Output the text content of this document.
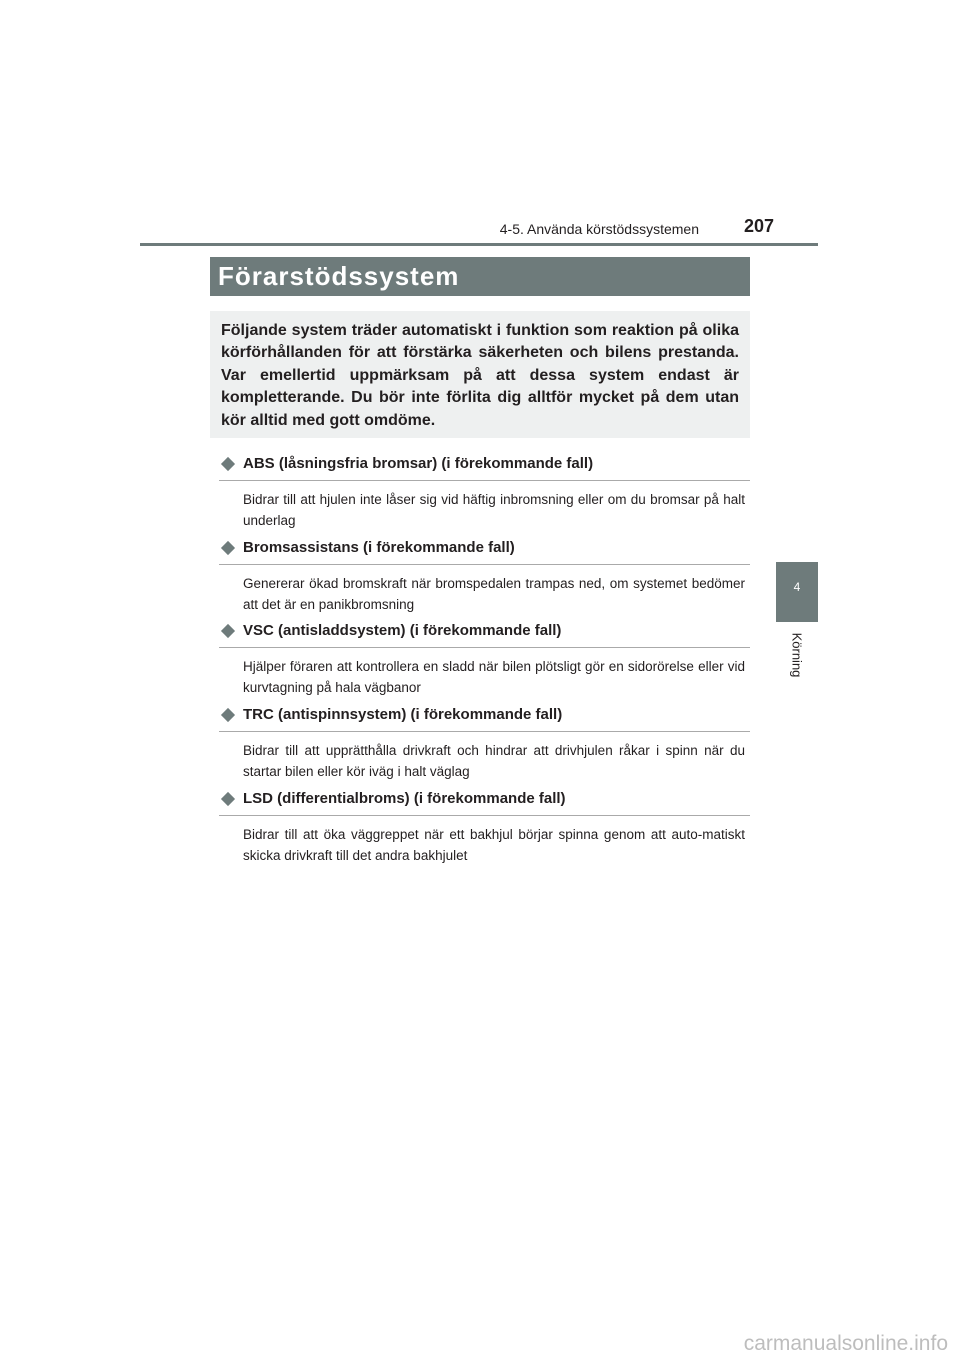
4-5. Använda körstödssystemen	207
4
Körning
Förarstödssystem

Följande system träder automatiskt i funktion som reaktion på olika körförhållanden för att förstärka säkerheten och bilens prestanda. Var emellertid uppmärksam på att dessa system endast är kompletterande. Du bör inte förlita dig alltför mycket på dem utan kör alltid med gott omdöme.

ABS (låsningsfria bromsar) (i förekommande fall)

Bidrar till att hjulen inte låser sig vid häftig inbromsning eller om du bromsar på halt underlag

Bromsassistans (i förekommande fall)

Genererar ökad bromskraft när bromspedalen trampas ned, om systemet bedömer att det är en panikbromsning

VSC (antisladdsystem) (i förekommande fall)

Hjälper föraren att kontrollera en sladd när bilen plötsligt gör en sidorörelse eller vid kurvtagning på hala vägbanor

TRC (antispinnsystem) (i förekommande fall)

Bidrar till att upprätthålla drivkraft och hindrar att drivhjulen råkar i spinn när du startar bilen eller kör iväg i halt väglag

LSD (differentialbroms) (i förekommande fall)

Bidrar till att öka väggreppet när ett bakhjul börjar spinna genom att auto-matiskt skicka drivkraft till det andra bakhjulet

carmanualsonline.info
